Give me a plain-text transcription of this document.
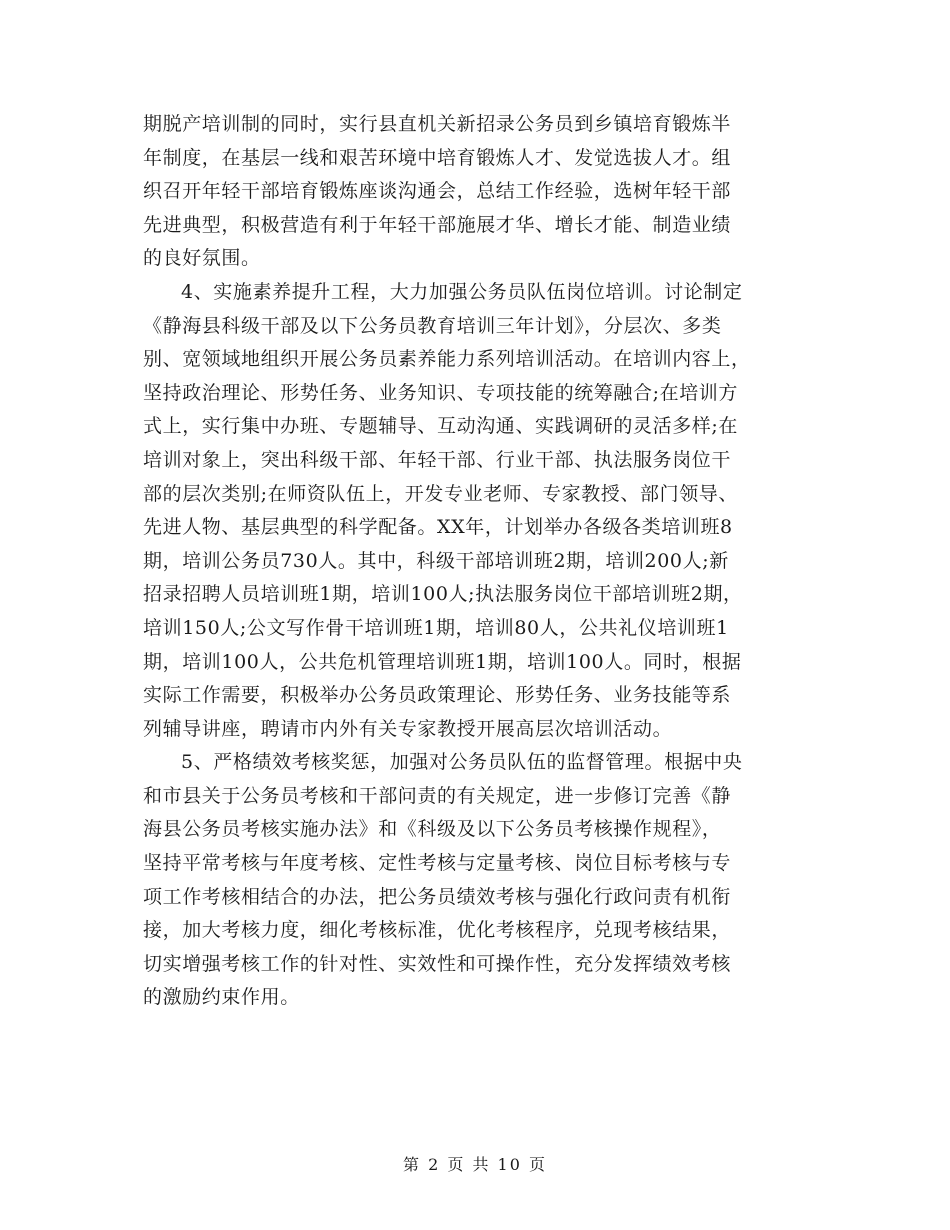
期脱产培训制的同时，实行县直机关新招录公务员到乡镇培育锻炼半
年制度，在基层一线和艰苦环境中培育锻炼人才、发觉选拔人才。组
织召开年轻干部培育锻炼座谈沟通会，总结工作经验，选树年轻干部
先进典型，积极营造有利于年轻干部施展才华、增长才能、制造业绩
的良好氛围。
4、实施素养提升工程，大力加强公务员队伍岗位培训。讨论制定
《静海县科级干部及以下公务员教育培训三年计划》，分层次、多类
别、宽领域地组织开展公务员素养能力系列培训活动。在培训内容上，
坚持政治理论、形势任务、业务知识、专项技能的统筹融合;在培训方
式上，实行集中办班、专题辅导、互动沟通、实践调研的灵活多样;在
培训对象上，突出科级干部、年轻干部、行业干部、执法服务岗位干
部的层次类别;在师资队伍上，开发专业老师、专家教授、部门领导、
先进人物、基层典型的科学配备。XX年，计划举办各级各类培训班8
期，培训公务员730人。其中，科级干部培训班2期，培训200人;新
招录招聘人员培训班1期，培训100人;执法服务岗位干部培训班2期，
培训150人;公文写作骨干培训班1期，培训80人，公共礼仪培训班1
期，培训100人，公共危机管理培训班1期，培训100人。同时，根据
实际工作需要，积极举办公务员政策理论、形势任务、业务技能等系
列辅导讲座，聘请市内外有关专家教授开展高层次培训活动。
5、严格绩效考核奖惩，加强对公务员队伍的监督管理。根据中央
和市县关于公务员考核和干部问责的有关规定，进一步修订完善《静
海县公务员考核实施办法》和《科级及以下公务员考核操作规程》，
坚持平常考核与年度考核、定性考核与定量考核、岗位目标考核与专
项工作考核相结合的办法，把公务员绩效考核与强化行政问责有机衔
接，加大考核力度，细化考核标准，优化考核程序，兑现考核结果，
切实增强考核工作的针对性、实效性和可操作性，充分发挥绩效考核
的激励约束作用。
第 2 页 共 10 页
